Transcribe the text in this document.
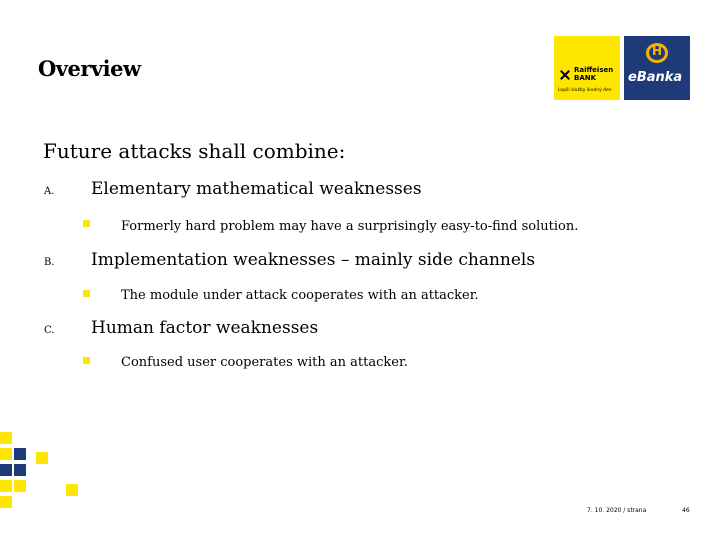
Overview	Raiffeisen
BANK
Lepší služby ikvdný den
H
eBanka
Future attacks shall combine:
A. Elementary mathematical weaknesses
Formerly hard problem may have a surprisingly easy-to-find solution.
B. Implementation weaknesses – mainly side channels
The module under attack cooperates with an attacker.
C. Human factor weaknesses
Confused user cooperates with an attacker.
7. 10. 2020 / strana	46
